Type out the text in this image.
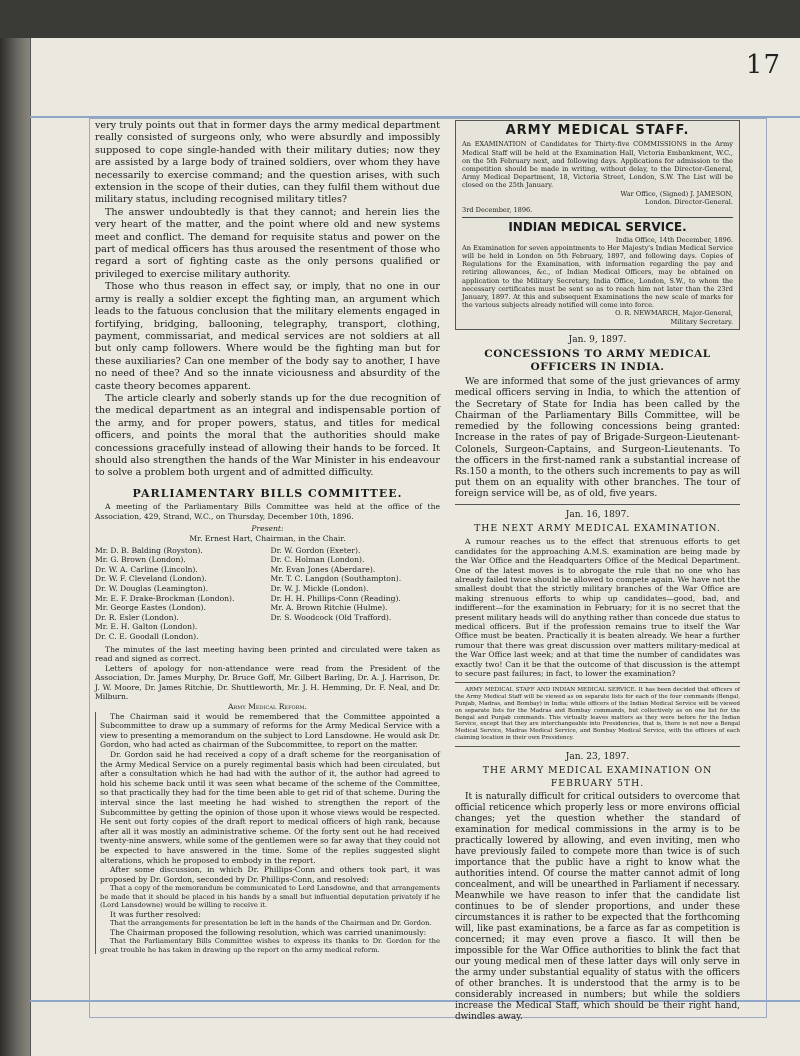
17

very truly points out that in former days the army medical department really consisted of surgeons only, who were absurdly and impossibly supposed to cope single-handed with their military duties; now they are assisted by a large body of trained soldiers, over whom they have necessarily to exercise command; and the question arises, with such extension in the scope of their duties, can they fulfil them without due military status, including recognised military titles?

The answer undoubtedly is that they cannot; and herein lies the very heart of the matter, and the point where old and new systems meet and conflict. The demand for requisite status and power on the part of medical officers has thus aroused the resentment of those who regard a sort of fighting caste as the only persons qualified or privileged to exercise military authority.

Those who thus reason in effect say, or imply, that no one in our army is really a soldier except the fighting man, an argument which leads to the fatuous conclusion that the military elements engaged in fortifying, bridging, ballooning, telegraphy, transport, clothing, payment, commissariat, and medical services are not soldiers at all but only camp followers. Where would be the fighting man but for these auxiliaries? Can one member of the body say to another, I have no need of thee? And so the innate viciousness and absurdity of the caste theory becomes apparent.

The article clearly and soberly stands up for the due recognition of the medical department as an integral and indispensable portion of the army, and for proper powers, status, and titles for medical officers, and points the moral that the authorities should make concessions gracefully instead of allowing their hands to be forced. It should also strengthen the hands of the War Minister in his endeavour to solve a problem both urgent and of admitted difficulty.

PARLIAMENTARY BILLS COMMITTEE.

A meeting of the Parliamentary Bills Committee was held at the office of the Association, 429, Strand, W.C., on Thursday, December 10th, 1896.

Present:
Mr. Ernest Hart, Chairman, in the Chair.
Mr. D. B. Balding (Royston).	Dr. W. Gordon (Exeter).
Mr. G. Brown (London).	Dr. C. Holman (London).
Dr. W. A. Carline (Lincoln).	Mr. Evan Jones (Aberdare).
Dr. W. F. Cleveland (London).	Mr. T. C. Langdon (Southampton).
Dr. W. Douglas (Leamington).	Dr. W. J. Mickle (London).
Mr. E. F. Drake-Brockman (London).	Dr. H. H. Phillips-Conn (Reading).
Mr. George Eastes (London).	Mr. A. Brown Ritchie (Hulme).
Dr. R. Esler (London).	Dr. S. Woodcock (Old Trafford).
Mr. E. H. Galton (London).
Dr. C. E. Goodall (London).

The minutes of the last meeting having been printed and circulated were taken as read and signed as correct.

Letters of apology for non-attendance were read from the President of the Association, Dr. James Murphy, Dr. Bruce Goff, Mr. Gilbert Barling, Dr. A. J. Harrison, Dr. J. W. Moore, Dr. James Ritchie, Dr. Shuttleworth, Mr. J. H. Hemming, Dr. F. Neal, and Dr. Milburn.

Army Medical Reform.

The Chairman said it would be remembered that the Committee appointed a Subcommittee to draw up a summary of reforms for the Army Medical Service with a view to presenting a memorandum on the subject to Lord Lansdowne. He would ask Dr. Gordon, who had acted as chairman of the Subcommittee, to report on the matter.

Dr. Gordon said he had received a copy of a draft scheme for the reorganisation of the Army Medical Service on a purely regimental basis which had been circulated, but after a consultation which he had had with the author of it, the author had agreed to hold his scheme back until it was seen what became of the scheme of the Committee, so that practically they had for the time been able to get rid of that scheme. During the interval since the last meeting he had wished to strengthen the report of the Subcommittee by getting the opinion of those upon it whose views would be respected. He sent out forty copies of the draft report to medical officers of high rank, because after all it was mostly an administrative scheme. Of the forty sent out he had received twenty-nine answers, while some of the gentlemen were so far away that they could not be expected to have answered in the time. Some of the replies suggested slight alterations, which he proposed to embody in the report.

After some discussion, in which Dr. Phillips-Conn and others took part, it was proposed by Dr. Gordon, seconded by Dr. Phillips-Conn, and resolved:

That a copy of the memorandum be communicated to Lord Lansdowne, and that arrangements be made that it should be placed in his hands by a small but influential deputation privately if he (Lord Lansdowne) would be willing to receive it.

It was further resolved:

That the arrangements for presentation be left in the hands of the Chairman and Dr. Gordon.

The Chairman proposed the following resolution, which was carried unanimously:

That the Parliamentary Bills Committee wishes to express its thanks to Dr. Gordon for the great trouble he has taken in drawing up the report on the army medical reform.

ARMY MEDICAL STAFF.
An EXAMINATION of Candidates for Thirty-five COMMISSIONS in the Army Medical Staff will be held at the Examination Hall, Victoria Embankment, W.C., on the 5th February next, and following days. Applications for admission to the competition should be made in writing, without delay, to the Director-General, Army Medical Department, 18, Victoria Street, London, S.W. The List will be closed on the 25th January.
War Office, (Signed) J. JAMESON,
London. Director-General.
3rd December, 1896.
INDIAN MEDICAL SERVICE.
India Office, 14th December, 1896.
An Examination for seven appointments to Her Majesty's Indian Medical Service will be held in London on 5th February, 1897, and following days. Copies of Regulations for the Examination, with information regarding the pay and retiring allowances, &c., of Indian Medical Officers, may be obtained on application to the Military Secretary, India Office, London, S.W., to whom the necessary certificates must be sent so as to reach him not later than the 23rd January, 1897. At this and subsequent Examinations the new scale of marks for the various subjects already notified will come into force.
O. R. NEWMARCH, Major-General,
Military Secretary.
Jan. 9, 1897.
CONCESSIONS TO ARMY MEDICAL OFFICERS IN INDIA.

We are informed that some of the just grievances of army medical officers serving in India, to which the attention of the Secretary of State for India has been called by the Chairman of the Parliamentary Bills Committee, will be remedied by the following concessions being granted: Increase in the rates of pay of Brigade-Surgeon-Lieutenant-Colonels, Surgeon-Captains, and Surgeon-Lieutenants. To the officers in the first-named rank a substantial increase of Rs.150 a month, to the others such increments to pay as will put them on an equality with other branches. The tour of foreign service will be, as of old, five years.

Jan. 16, 1897.
THE NEXT ARMY MEDICAL EXAMINATION.

A rumour reaches us to the effect that strenuous efforts to get candidates for the approaching A.M.S. examination are being made by the War Office and the Headquarters Office of the Medical Department. One of the latest moves is to abrogate the rule that no one who has already failed twice should be allowed to compete again. We have not the smallest doubt that the strictly military branches of the War Office are making strenuous efforts to whip up candidates—good, bad, and indifferent—for the examination in February; for it is no secret that the present military heads will do anything rather than concede due status to medical officers. But if the profession remains true to itself the War Office must be beaten. Practically it is beaten already. We hear a further rumour that there was great discussion over matters military-medical at the War Office last week; and at that time the number of candidates was exactly two! Can it be that the outcome of that discussion is the attempt to secure past failures; in fact, to lower the examination?

ARMY MEDICAL STAFF AND INDIAN MEDICAL SERVICE. It has been decided that officers of the Army Medical Staff will be viewed as on separate lists for each of the four commands (Bengal, Punjab, Madras, and Bombay) in India; while officers of the Indian Medical Service will be viewed on separate lists for the Madras and Bombay commands, but collectively as on one list for the Bengal and Punjab commands. This virtually leaves matters as they were before for the Indian Service, except that they are interchangeable into Presidencies, that is, there is not now a Bengal Medical Service, Madras Medical Service, and Bombay Medical Service, with the officers of each claiming location in their own Presidency.

Jan. 23, 1897.
THE ARMY MEDICAL EXAMINATION ON FEBRUARY 5TH.

It is naturally difficult for critical outsiders to overcome that official reticence which properly less or more environs official changes; yet the question whether the standard of examination for medical commissions in the army is to be practically lowered by allowing, and even inviting, men who have previously failed to compete more than twice is of such importance that the public have a right to know what the authorities intend. Of course the matter cannot admit of long concealment, and will be unearthed in Parliament if necessary. Meanwhile we have reason to infer that the candidate list continues to be of slender proportions, and under these circumstances it is rather to be expected that the forthcoming will, like past examinations, be a farce as far as competition is concerned; it may even prove a fiasco. It will then be impossible for the War Office authorities to blink the fact that our young medical men of these latter days will only serve in the army under substantial equality of status with the officers of other branches. It is understood that the army is to be considerably increased in numbers; but while the soldiers increase the Medical Staff, which should be their right hand, dwindles away.
